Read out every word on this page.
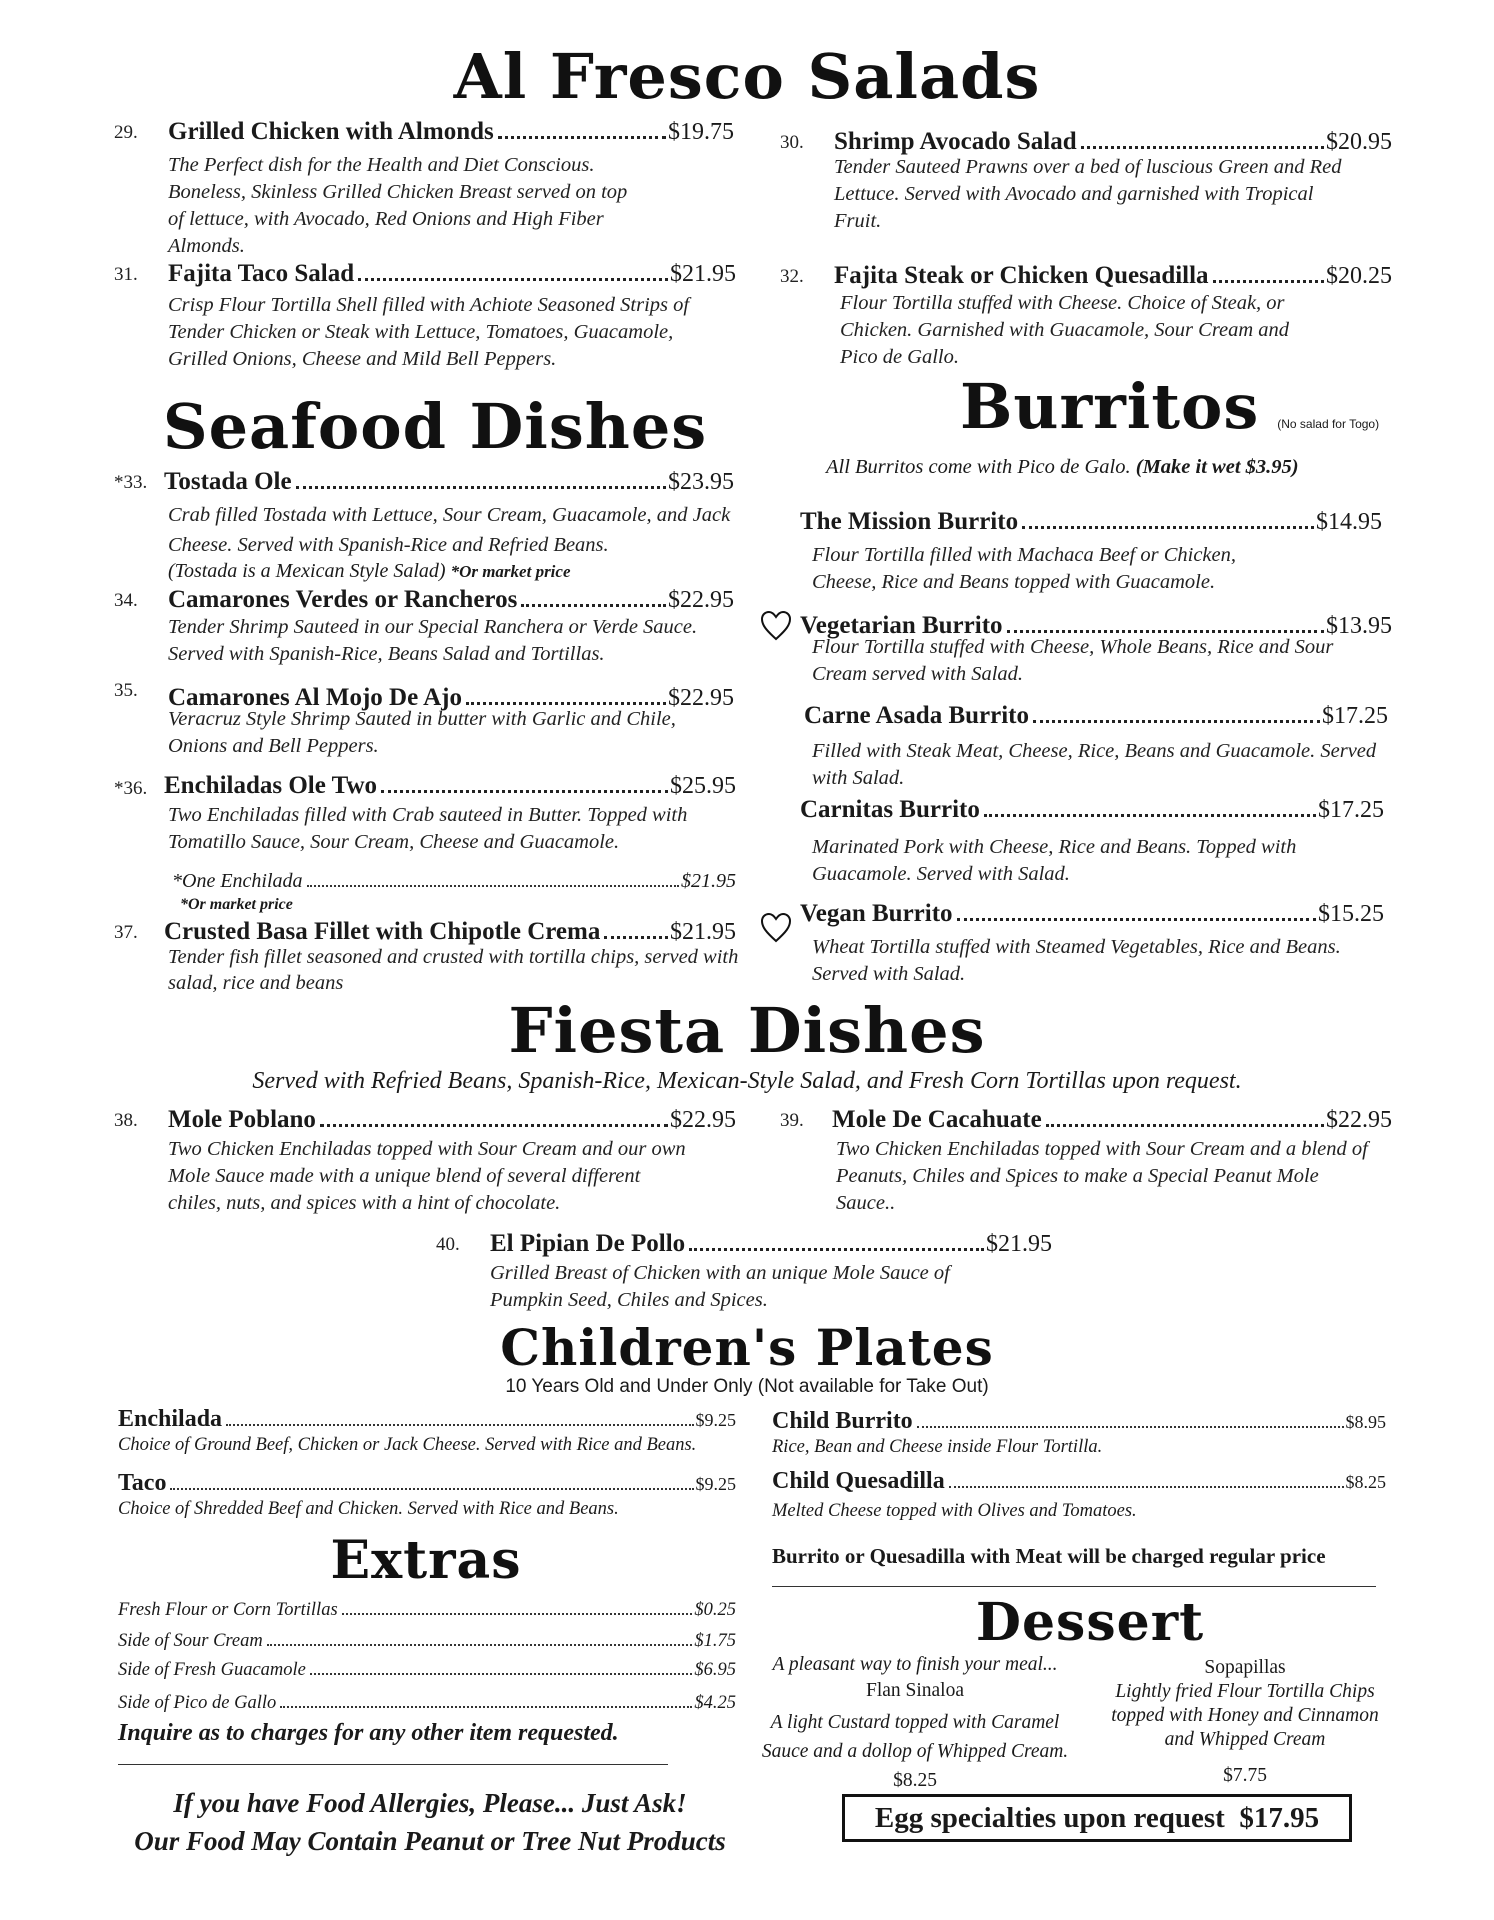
Al Fresco Salads
29. Grilled Chicken with Almonds	$19.75
The Perfect dish for the Health and Diet Conscious. Boneless, Skinless Grilled Chicken Breast served on top of lettuce, with Avocado, Red Onions and High Fiber Almonds.
30. Shrimp Avocado Salad	$20.95
Tender Sauteed Prawns over a bed of luscious Green and Red Lettuce. Served with Avocado and garnished with Tropical Fruit.
31. Fajita Taco Salad	$21.95
Crisp Flour Tortilla Shell filled with Achiote Seasoned Strips of Tender Chicken or Steak with Lettuce, Tomatoes, Guacamole, Grilled Onions, Cheese and Mild Bell Peppers.
32. Fajita Steak or Chicken Quesadilla	$20.25
Flour Tortilla stuffed with Cheese. Choice of Steak, or Chicken. Garnished with Guacamole, Sour Cream and Pico de Gallo.
Seafood Dishes
*33. Tostada Ole	$23.95
Crab filled Tostada with Lettuce, Sour Cream, Guacamole, and Jack Cheese. Served with Spanish-Rice and Refried Beans.
(Tostada is a Mexican Style Salad) *Or market price
34. Camarones Verdes or Rancheros	$22.95
Tender Shrimp Sauteed in our Special Ranchera or Verde Sauce. Served with Spanish-Rice, Beans Salad and Tortillas.
35. Camarones Al Mojo De Ajo	$22.95
Veracruz Style Shrimp Sauted in butter with Garlic and Chile, Onions and Bell Peppers.
*36. Enchiladas Ole Two	$25.95
Two Enchiladas filled with Crab sauteed in Butter. Topped with Tomatillo Sauce, Sour Cream, Cheese and Guacamole.
*One Enchilada	$21.95
*Or market price
37. Crusted Basa Fillet with Chipotle Crema	$21.95
Tender fish fillet seasoned and crusted with tortilla chips, served with salad, rice and beans
Burritos (No salad for Togo)
All Burritos come with Pico de Galo. (Make it wet $3.95)
The Mission Burrito	$14.95
Flour Tortilla filled with Machaca Beef or Chicken, Cheese, Rice and Beans topped with Guacamole.
Vegetarian Burrito	$13.95
Flour Tortilla stuffed with Cheese, Whole Beans, Rice and Sour Cream served with Salad.
Carne Asada Burrito	$17.25
Filled with Steak Meat, Cheese, Rice, Beans and Guacamole. Served with Salad.
Carnitas Burrito	$17.25
Marinated Pork with Cheese, Rice and Beans. Topped with Guacamole. Served with Salad.
Vegan Burrito	$15.25
Wheat Tortilla stuffed with Steamed Vegetables, Rice and Beans. Served with Salad.
Fiesta Dishes
Served with Refried Beans, Spanish-Rice, Mexican-Style Salad, and Fresh Corn Tortillas upon request.
38. Mole Poblano	$22.95
Two Chicken Enchiladas topped with Sour Cream and our own Mole Sauce made with a unique blend of several different chiles, nuts, and spices with a hint of chocolate.
39. Mole De Cacahuate	$22.95
Two Chicken Enchiladas topped with Sour Cream and a blend of Peanuts, Chiles and Spices to make a Special Peanut Mole Sauce..
40. El Pipian De Pollo	$21.95
Grilled Breast of Chicken with an unique Mole Sauce of Pumpkin Seed, Chiles and Spices.
Children's Plates
10 Years Old and Under Only (Not available for Take Out)
Enchilada	$9.25
Choice of Ground Beef, Chicken or Jack Cheese. Served with Rice and Beans.
Taco	$9.25
Choice of Shredded Beef and Chicken. Served with Rice and Beans.
Child Burrito	$8.95
Rice, Bean and Cheese inside Flour Tortilla.
Child Quesadilla	$8.25
Melted Cheese topped with Olives and Tomatoes.
Burrito or Quesadilla with Meat will be charged regular price
Extras
Fresh Flour or Corn Tortillas	$0.25
Side of Sour Cream	$1.75
Side of Fresh Guacamole	$6.95
Side of Pico de Gallo	$4.25
Inquire as to charges for any other item requested.
If you have Food Allergies, Please... Just Ask!
Our Food May Contain Peanut or Tree Nut Products
Dessert
A pleasant way to finish your meal...
Flan Sinaloa
A light Custard topped with Caramel Sauce and a dollop of Whipped Cream. $8.25
Sopapillas
Lightly fried Flour Tortilla Chips topped with Honey and Cinnamon and Whipped Cream
$7.75
Egg specialties upon request
$17.95
